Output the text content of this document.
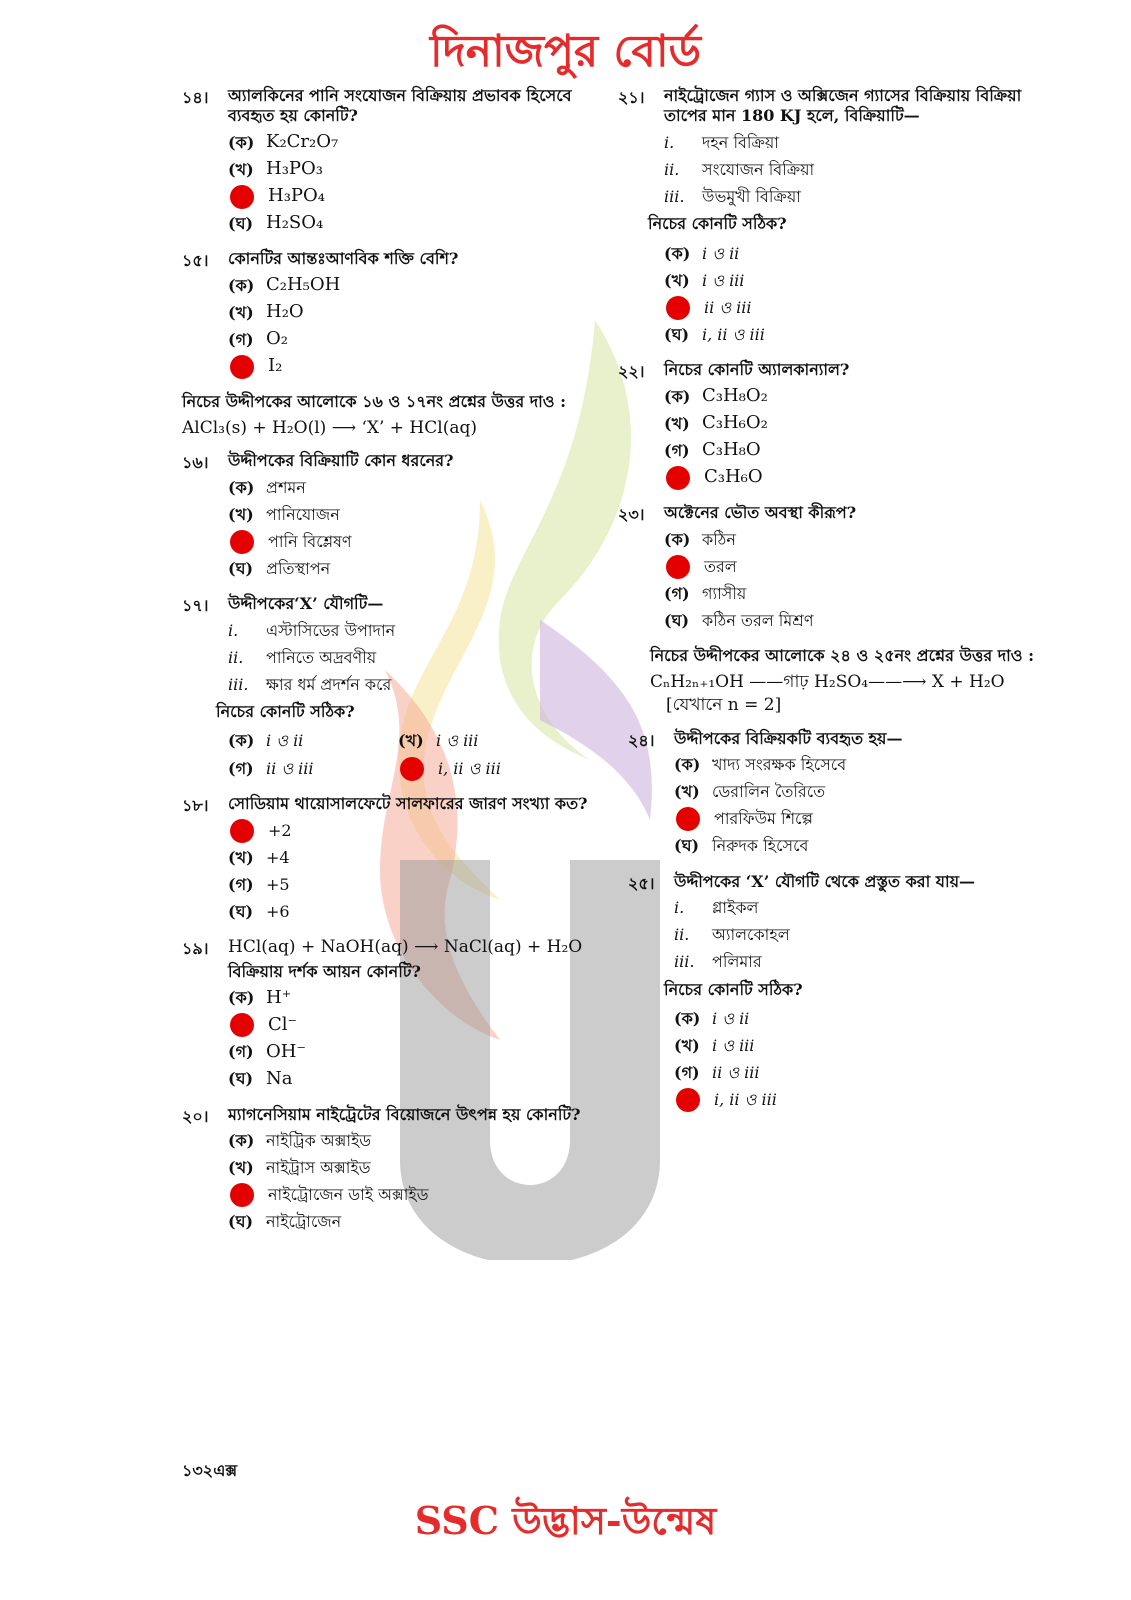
দিনাজপুর বোর্ড
১৪। অ্যালকিনের পানি সংযোজন বিক্রিয়ায় প্রভাবক হিসেবে ব্যবহৃত হয় কোনটি?
(ক) K₂Cr₂O₇
(খ) H₃PO₃
H₃PO₄
(ঘ) H₂SO₄
১৫। কোনটির আন্তঃআণবিক শক্তি বেশি?
(ক) C₂H₅OH
(খ) H₂O
(গ) O₂
I₂
নিচের উদ্দীপকের আলোকে ১৬ ও ১৭নং প্রশ্নের উত্তর দাও :
AlCl₃(s) + H₂O(l) ⟶ ‘X’ + HCl(aq)
১৬। উদ্দীপকের বিক্রিয়াটি কোন ধরনের?
(ক) প্রশমন
(খ) পানিযোজন
পানি বিশ্লেষণ
(ঘ) প্রতিস্থাপন
১৭। উদ্দীপকের‘X’ যৌগটি—
i.	এস্টাসিডের উপাদান
ii.	পানিতে অদ্রবণীয়
iii.	ক্ষার ধর্ম প্রদর্শন করে
নিচের কোনটি সঠিক?
(ক) i ও ii	(খ) i ও iii
(গ) ii ও iii	i, ii ও iii
১৮। সোডিয়াম থায়োসালফেটে সালফারের জারণ সংখ্যা কত?
+2
(খ) +4
(গ) +5
(ঘ) +6
১৯। HCl(aq) + NaOH(aq) ⟶ NaCl(aq) + H₂O
বিক্রিয়ায় দর্শক আয়ন কোনটি?
(ক) H⁺
Cl⁻
(গ) OH⁻
(ঘ) Na
২০। ম্যাগনেসিয়াম নাইট্রেটের বিয়োজনে উৎপন্ন হয় কোনটি?
(ক) নাইট্রিক অক্সাইড
(খ) নাইট্রাস অক্সাইড
নাইট্রোজেন ডাই অক্সাইড
(ঘ) নাইট্রোজেন
২১। নাইট্রোজেন গ্যাস ও অক্সিজেন গ্যাসের বিক্রিয়ায় বিক্রিয়া তাপের মান 180 KJ হলে, বিক্রিয়াটি—
i.	দহন বিক্রিয়া
ii.	সংযোজন বিক্রিয়া
iii.	উভমুখী বিক্রিয়া
নিচের কোনটি সঠিক?
(ক) i ও ii
(খ) i ও iii
ii ও iii
(ঘ) i, ii ও iii
২২। নিচের কোনটি অ্যালকান্যাল?
(ক) C₃H₈O₂
(খ) C₃H₆O₂
(গ) C₃H₈O
C₃H₆O
২৩। অক্টেনের ভৌত অবস্থা কীরূপ?
(ক) কঠিন
তরল
(গ) গ্যাসীয়
(ঘ) কঠিন তরল মিশ্রণ
নিচের উদ্দীপকের আলোকে ২৪ ও ২৫নং প্রশ্নের উত্তর দাও :
CₙH₂ₙ₊₁OH ——গাঢ় H₂SO₄——⟶ X + H₂O
[যেখানে n = 2]
২৪। উদ্দীপকের বিক্রিয়কটি ব্যবহৃত হয়—
(ক) খাদ্য সংরক্ষক হিসেবে
(খ) ডেরালিন তৈরিতে
পারফিউম শিল্পে
(ঘ) নিরুদক হিসেবে
২৫। উদ্দীপকের ‘X’ যৌগটি থেকে প্রস্তুত করা যায়—
i.	গ্লাইকল
ii.	অ্যালকোহল
iii.	পলিমার
নিচের কোনটি সঠিক?
(ক) i ও ii
(খ) i ও iii
(গ) ii ও iii
i, ii ও iii
১৩২এক্স
SSC উদ্ভাস-উন্মেষ
